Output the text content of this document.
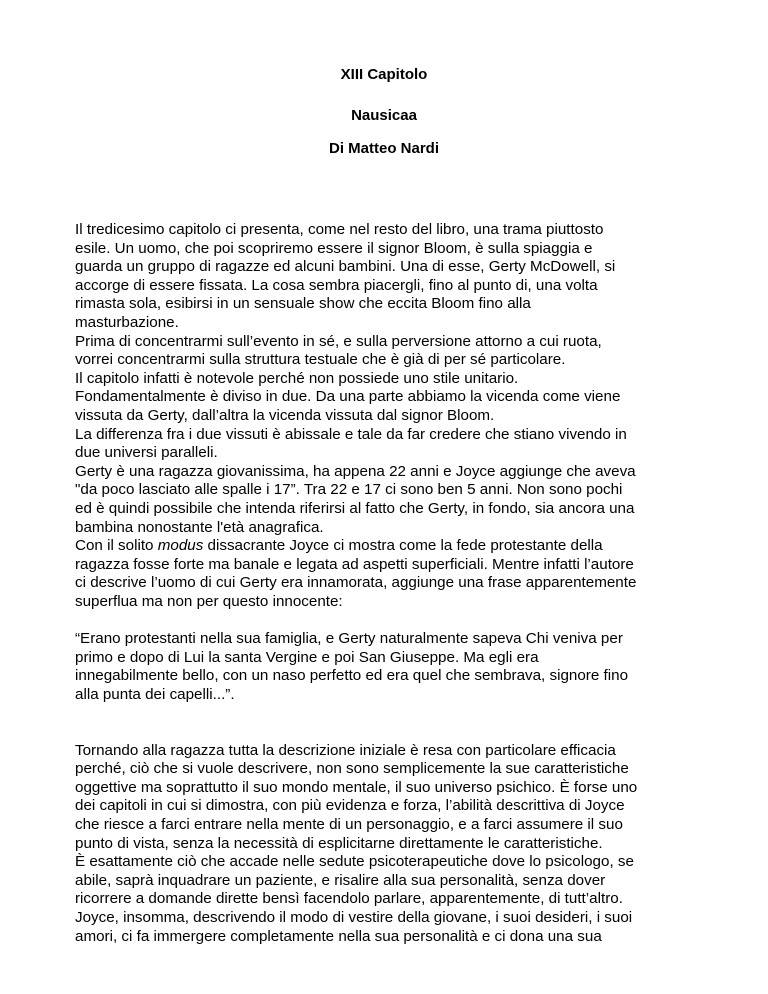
XIII Capitolo
Nausicaa
Di Matteo Nardi
Il tredicesimo capitolo ci presenta, come nel resto del libro, una trama piuttosto
esile. Un uomo, che poi scopriremo essere il signor Bloom, è sulla spiaggia e
guarda un gruppo di ragazze ed alcuni bambini. Una di esse, Gerty McDowell, si
accorge di essere fissata. La cosa sembra piacergli, fino al punto di, una volta
rimasta sola, esibirsi in un sensuale show che eccita Bloom fino alla
masturbazione.
Prima di concentrarmi sull’evento in sé, e sulla perversione attorno a cui ruota,
vorrei concentrarmi sulla struttura testuale che è già di per sé particolare.
Il capitolo infatti è notevole perché non possiede uno stile unitario.
Fondamentalmente è diviso in due. Da una parte abbiamo la vicenda come viene
vissuta da Gerty, dall’altra la vicenda vissuta dal signor Bloom.
La differenza fra i due vissuti è abissale e tale da far credere che stiano vivendo in
due universi paralleli.
Gerty è una ragazza giovanissima, ha appena 22 anni e Joyce aggiunge che aveva
"da poco lasciato alle spalle i 17”. Tra 22 e 17 ci sono ben 5 anni. Non sono pochi
ed è quindi possibile che intenda riferirsi al fatto che Gerty, in fondo, sia ancora una
bambina nonostante l'età anagrafica.
Con il solito modus dissacrante Joyce ci mostra come la fede protestante della
ragazza fosse forte ma banale e legata ad aspetti superficiali. Mentre infatti l’autore
ci descrive l’uomo di cui Gerty era innamorata, aggiunge una frase apparentemente
superflua ma non per questo innocente:
“Erano protestanti nella sua famiglia, e Gerty naturalmente sapeva Chi veniva per
primo e dopo di Lui la santa Vergine e poi San Giuseppe. Ma egli era
innegabilmente bello, con un naso perfetto ed era quel che sembrava, signore fino
alla punta dei capelli...”.
Tornando alla ragazza tutta la descrizione iniziale è resa con particolare efficacia
perché, ciò che si vuole descrivere, non sono semplicemente la sue caratteristiche
oggettive ma soprattutto il suo mondo mentale, il suo universo psichico. È forse uno
dei capitoli in cui si dimostra, con più evidenza e forza, l’abilità descrittiva di Joyce
che riesce a farci entrare nella mente di un personaggio, e a farci assumere il suo
punto di vista, senza la necessità di esplicitarne direttamente le caratteristiche.
È esattamente ciò che accade nelle sedute psicoterapeutiche dove lo psicologo, se
abile, saprà inquadrare un paziente, e risalire alla sua personalità, senza dover
ricorrere a domande dirette bensì facendolo parlare, apparentemente, di tutt’altro.
Joyce, insomma, descrivendo il modo di vestire della giovane, i suoi desideri, i suoi
amori, ci fa immergere completamente nella sua personalità e ci dona una sua
